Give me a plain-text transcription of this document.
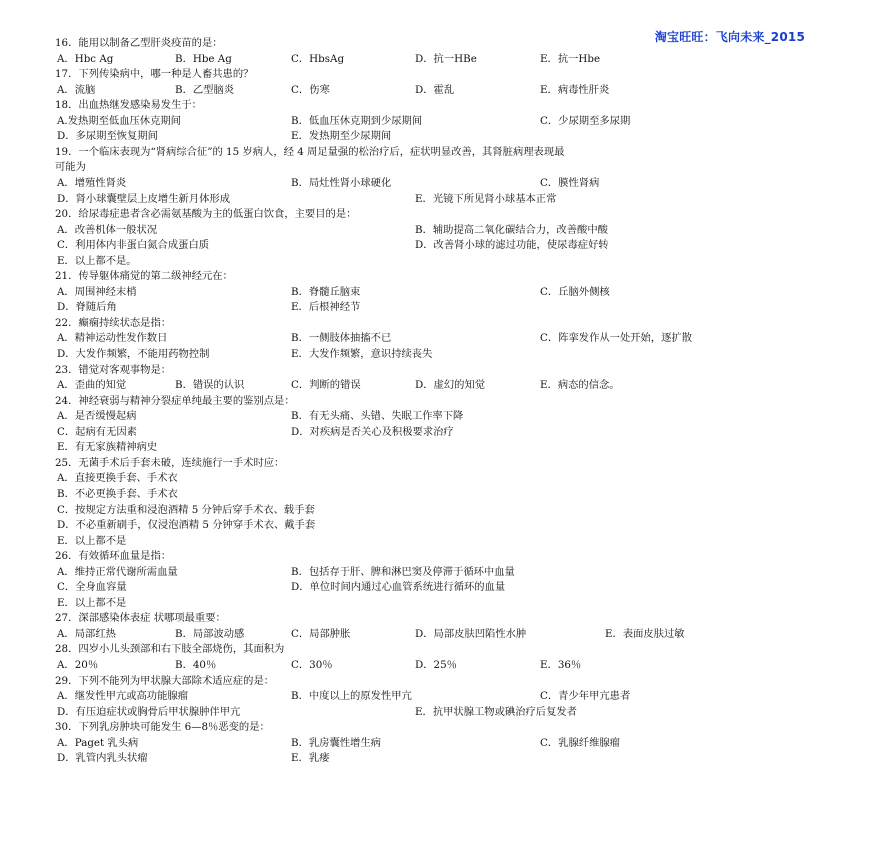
淘宝旺旺：飞向未来_2015
16．能用以制备乙型肝炎疫苗的是：
A．Hbc Ag	B．Hbe Ag	C．HbsAg	D．抗一HBe	E．抗一Hbe
17．下列传染病中，哪一种是人畜共患的？
A．流脑	B．乙型脑炎	C．伤寒	D．霍乱	E．病毒性肝炎
18．出血热继发感染易发生于：
A.发热期至低血压休克期间	B．低血压休克期到少尿期间	C．少尿期至多尿期
D．多尿期至恢复期间	E．发热期至少尿期间
19．一个临床表现为“肾病综合征”的 15 岁病人，经 4 周足量强的松治疗后，症状明显改善，其肾脏病理表现最
可能为
A．增殖性肾炎	B．局灶性肾小球硬化	C．膜性肾病
D．肾小球囊壁层上皮增生新月体形成	E．光镜下所见肾小球基本正常
20．给尿毒症患者含必需氨基酸为主的低蛋白饮食，主要目的是：
A．改善机体一般状况	B．辅助提高二氧化碳结合力，改善酸中酸
C．利用体内非蛋白氮合成蛋白质	D．改善肾小球的滤过功能，使尿毒症好转
E．以上都不是。
21．传导躯体痛觉的第二级神经元在：
A．周围神经末梢	B．脊髓丘脑束	C．丘脑外侧核
D．脊随后角	E．后根神经节
22．癫痫持续状态是指：
A．精神运动性发作数日	B．一侧肢体抽搐不已	C．阵挛发作从一处开始，逐扩散
D．大发作频繁，不能用药物控制	E．大发作频繁，意识持续丧失
23．错觉对客观事物是：
A．歪曲的知觉	B．错误的认识	C．判断的错误	D．虚幻的知觉	E．病态的信念。
24．神经衰弱与精神分裂症单纯最主要的鉴别点是：
A．是否缓慢起病	B．有无头痛、头错、失眠工作率下降
C．起病有无因素	D．对疾病是否关心及积极要求治疗
E．有无家族精神病史
25．无菌手术后手套未破，连续施行一手术时应：
A．直接更换手套、手术衣
B．不必更换手套、手术衣
C．按规定方法重和浸泡酒精 5 分钟后穿手术衣、载手套
D．不必重新刷手，仅浸泡酒精 5 分钟穿手术衣、戴手套
E．以上都不是
26．有效循环血量是指：
A．维持正常代谢所需血量	B．包括存于肝、脾和淋巴窦及停滞于循环中血量
C．全身血容量	D．单位时间内通过心血管系统进行循环的血量
E．以上都不是
27．深部感染体表症 状哪项最重要：
A．局部红热	B．局部波动感	C．局部肿胀	D．局部皮肤凹陷性水肿	E．表面皮肤过敏
28．四岁小儿头颈部和右下肢全部烧伤，其面积为
A．20％	B．40％	C．30％	D．25％	E．36％
29．下列不能列为甲状腺大部除术适应症的是：
A．继发性甲亢或高功能腺瘤	B．中度以上的原发性甲亢	C．青少年甲亢患者
D．有压迫症状或胸骨后甲状腺肿伴甲亢	E．抗甲状腺工物或碘治疗后复发者
30．下列乳房肿块可能发生 6—8％恶变的是：
A．Paget 乳头病	B．乳房囊性增生病	C．乳腺纤维腺瘤
D．乳管内乳头状瘤	E．乳瘘
